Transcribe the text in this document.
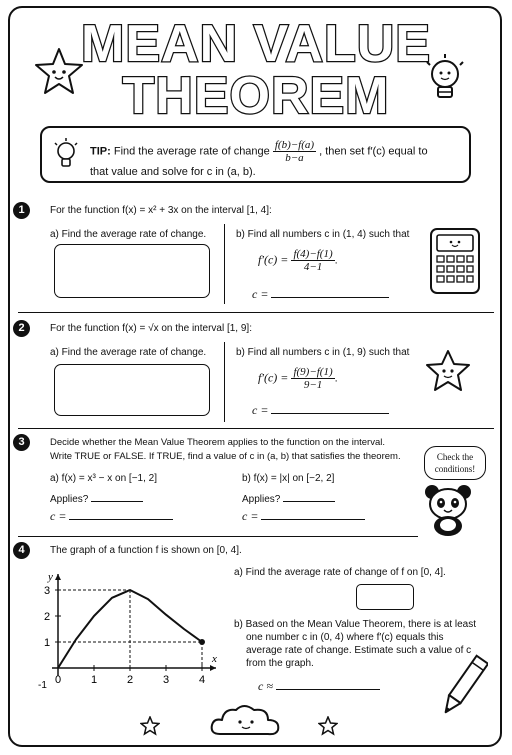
MEAN VALUE
THEOREM
TIP: Find the average rate of change $\frac{f(b)-f(a)}{b-a}$ , then set f′(c) equal to
that value and solve for c in (a, b).
1	For the function f(x) = x² + 3x on the interval [1, 4]:
a) Find the average rate of change.	b) Find all numbers c in (1, 4) such that
$f'(c) = \frac{f(4)-f(1)}{4-1}$ .
c =
2	For the function f(x) = √x on the interval [1, 9]:
a) Find the average rate of change.	b) Find all numbers c in (1, 9) such that
$f'(c) = \frac{f(9)-f(1)}{9-1}$ .
c =
3	Decide whether the Mean Value Theorem applies to the function on the interval.
Write TRUE or FALSE. If TRUE, find a value of c in (a, b) that satisfies the theorem.
a) f(x) = x³ − x on [−1, 2]	b) f(x) = |x| on [−2, 2]
Applies?	Applies?
c =	c =
Check the conditions!
4	The graph of a function f is shown on [0, 4].
x
y
0	1	2	3	4
1
2
3
-1
a) Find the average rate of change of f on [0, 4].
b) Based on the Mean Value Theorem, there is at least
one number c in (0, 4) where f′(c) equals this
average rate of change. Estimate such a value of c
from the graph.
c ≈
